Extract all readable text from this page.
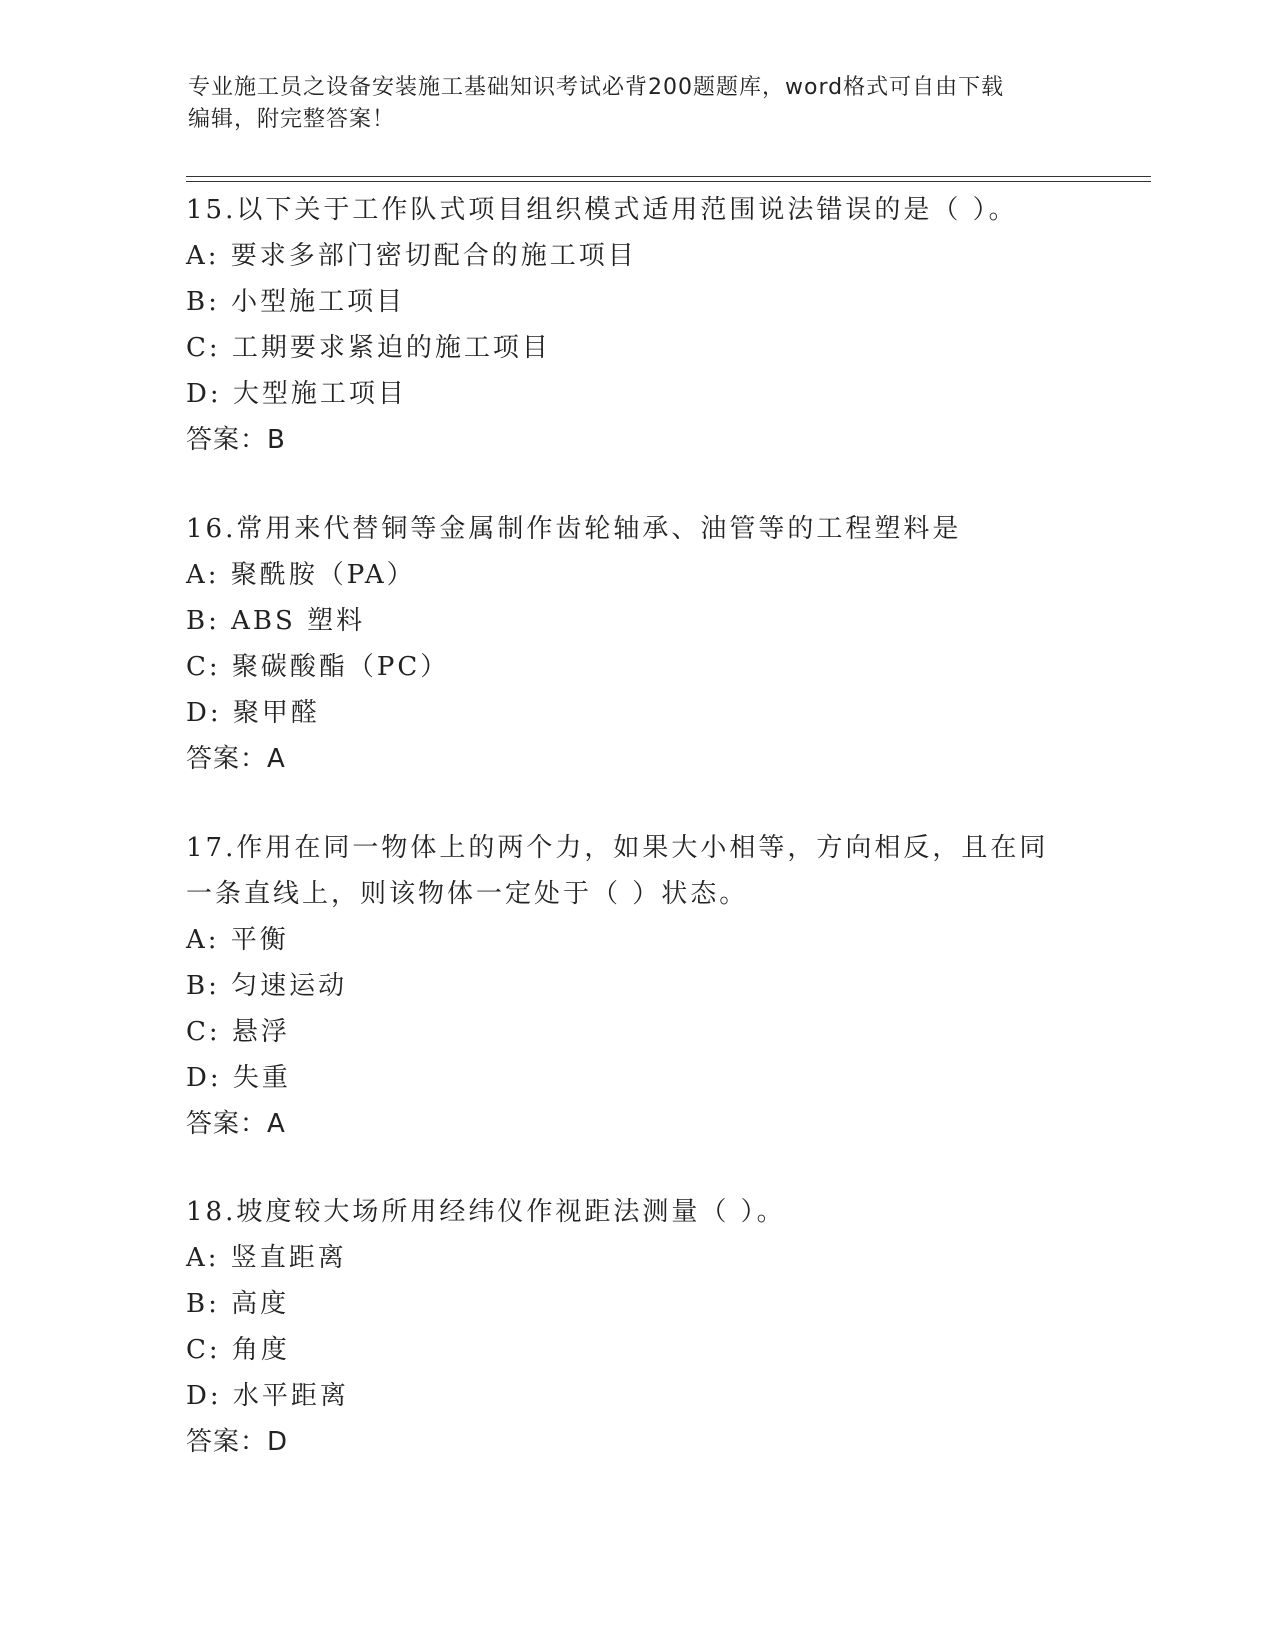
专业施工员之设备安装施工基础知识考试必背200题题库，word格式可自由下载
编辑，附完整答案！
15.以下关于工作队式项目组织模式适用范围说法错误的是（ ）。
A: 要求多部门密切配合的施工项目
B: 小型施工项目
C: 工期要求紧迫的施工项目
D: 大型施工项目
答案：B
16.常用来代替铜等金属制作齿轮轴承、油管等的工程塑料是
A: 聚酰胺（PA）
B: ABS 塑料
C: 聚碳酸酯（PC）
D: 聚甲醛
答案：A
17.作用在同一物体上的两个力，如果大小相等，方向相反，且在同一条直线上，则该物体一定处于（ ）状态。
A: 平衡
B: 匀速运动
C: 悬浮
D: 失重
答案：A
18.坡度较大场所用经纬仪作视距法测量（ ）。
A: 竖直距离
B: 高度
C: 角度
D: 水平距离
答案：D
